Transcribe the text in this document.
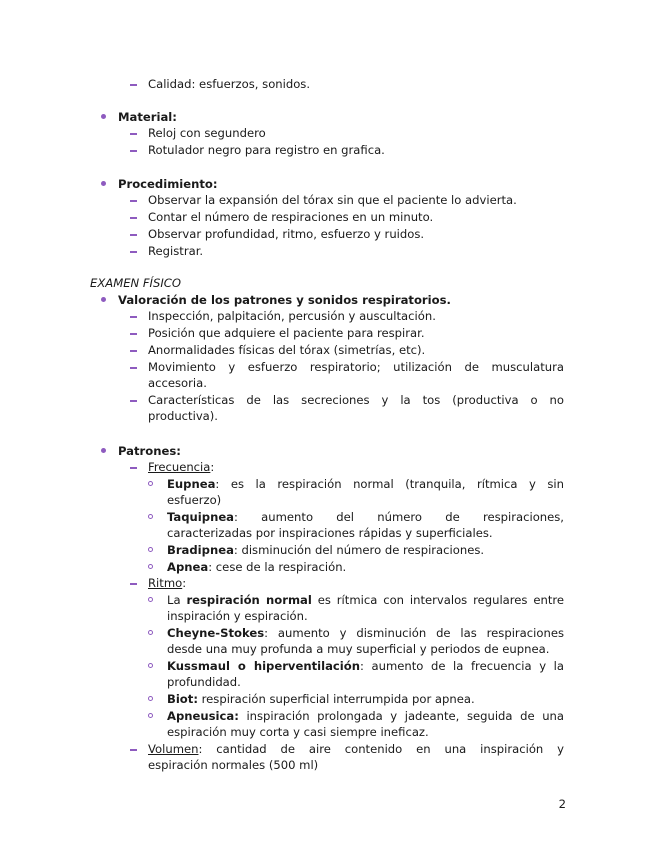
Calidad: esfuerzos, sonidos.
Material:
Reloj con segundero
Rotulador negro para registro en grafica.
Procedimiento:
Observar la expansión del tórax sin que el paciente lo advierta.
Contar el número de respiraciones en un minuto.
Observar profundidad, ritmo, esfuerzo y ruidos.
Registrar.
EXAMEN FÍSICO
Valoración de los patrones y sonidos respiratorios.
Inspección, palpitación, percusión y auscultación.
Posición que adquiere el paciente para respirar.
Anormalidades físicas del tórax (simetrías, etc).
Movimiento y esfuerzo respiratorio; utilización de musculatura
accesoria.
Características de las secreciones y la tos (productiva o no
productiva).
Patrones:
Frecuencia:
Eupnea: es la respiración normal (tranquila, rítmica y sin
esfuerzo)
Taquipnea: aumento del número de respiraciones,
caracterizadas por inspiraciones rápidas y superficiales.
Bradipnea: disminución del número de respiraciones.
Apnea: cese de la respiración.
Ritmo:
La respiración normal es rítmica con intervalos regulares entre
inspiración y espiración.
Cheyne-Stokes: aumento y disminución de las respiraciones
desde una muy profunda a muy superficial y periodos de eupnea.
Kussmaul o hiperventilación: aumento de la frecuencia y la
profundidad.
Biot: respiración superficial interrumpida por apnea.
Apneusica: inspiración prolongada y jadeante, seguida de una
espiración muy corta y casi siempre ineficaz.
Volumen: cantidad de aire contenido en una inspiración y
espiración normales (500 ml)
2
